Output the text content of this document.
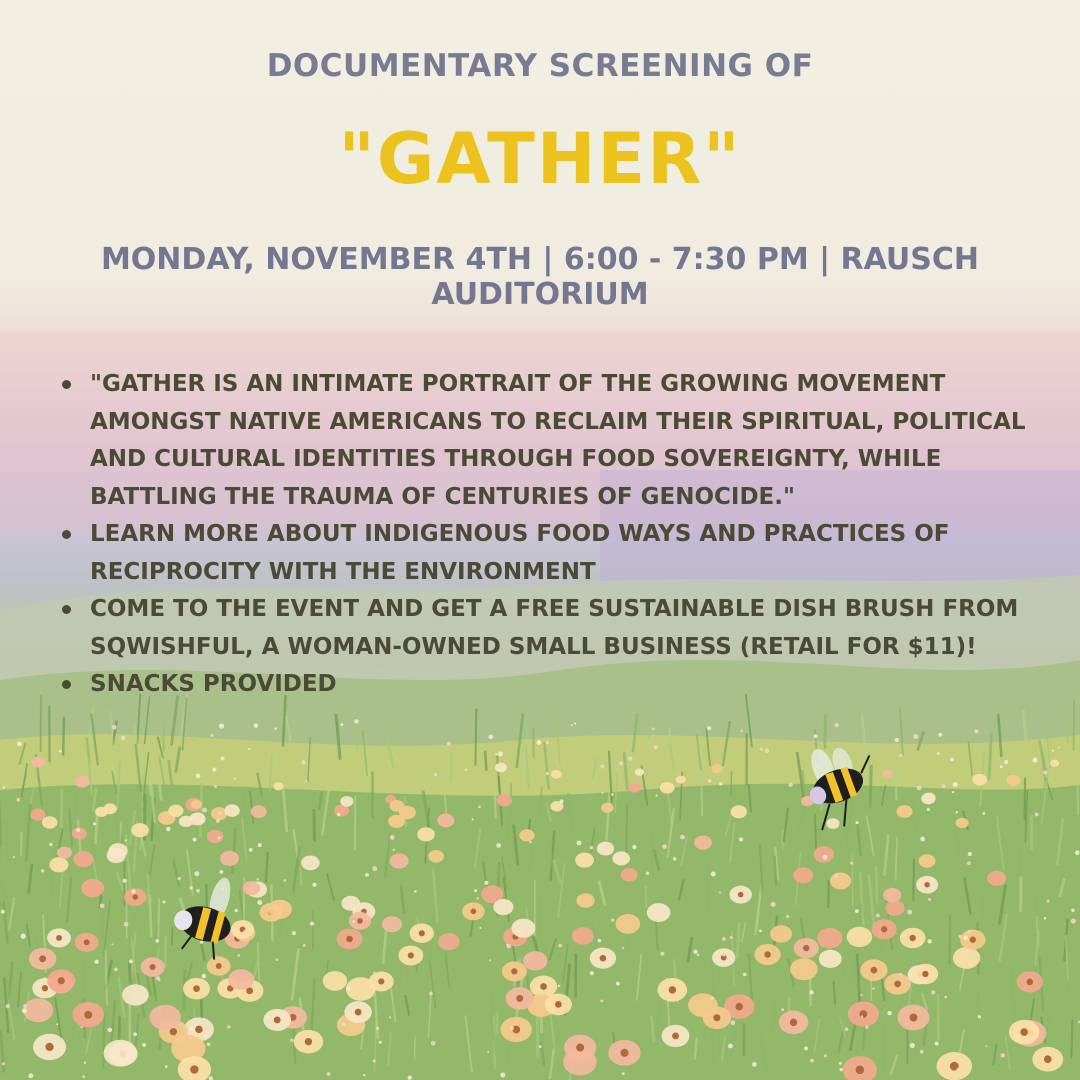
DOCUMENTARY SCREENING OF
"GATHER"
MONDAY, NOVEMBER 4TH | 6:00 - 7:30 PM | RAUSCH AUDITORIUM
"GATHER IS AN INTIMATE PORTRAIT OF THE GROWING MOVEMENT AMONGST NATIVE AMERICANS TO RECLAIM THEIR SPIRITUAL, POLITICAL AND CULTURAL IDENTITIES THROUGH FOOD SOVEREIGNTY, WHILE BATTLING THE TRAUMA OF CENTURIES OF GENOCIDE."
LEARN MORE ABOUT INDIGENOUS FOOD WAYS AND PRACTICES OF RECIPROCITY WITH THE ENVIRONMENT
COME TO THE EVENT AND GET A FREE SUSTAINABLE DISH BRUSH FROM SQWISHFUL, A WOMAN-OWNED SMALL BUSINESS (RETAIL FOR $11)!
SNACKS PROVIDED
